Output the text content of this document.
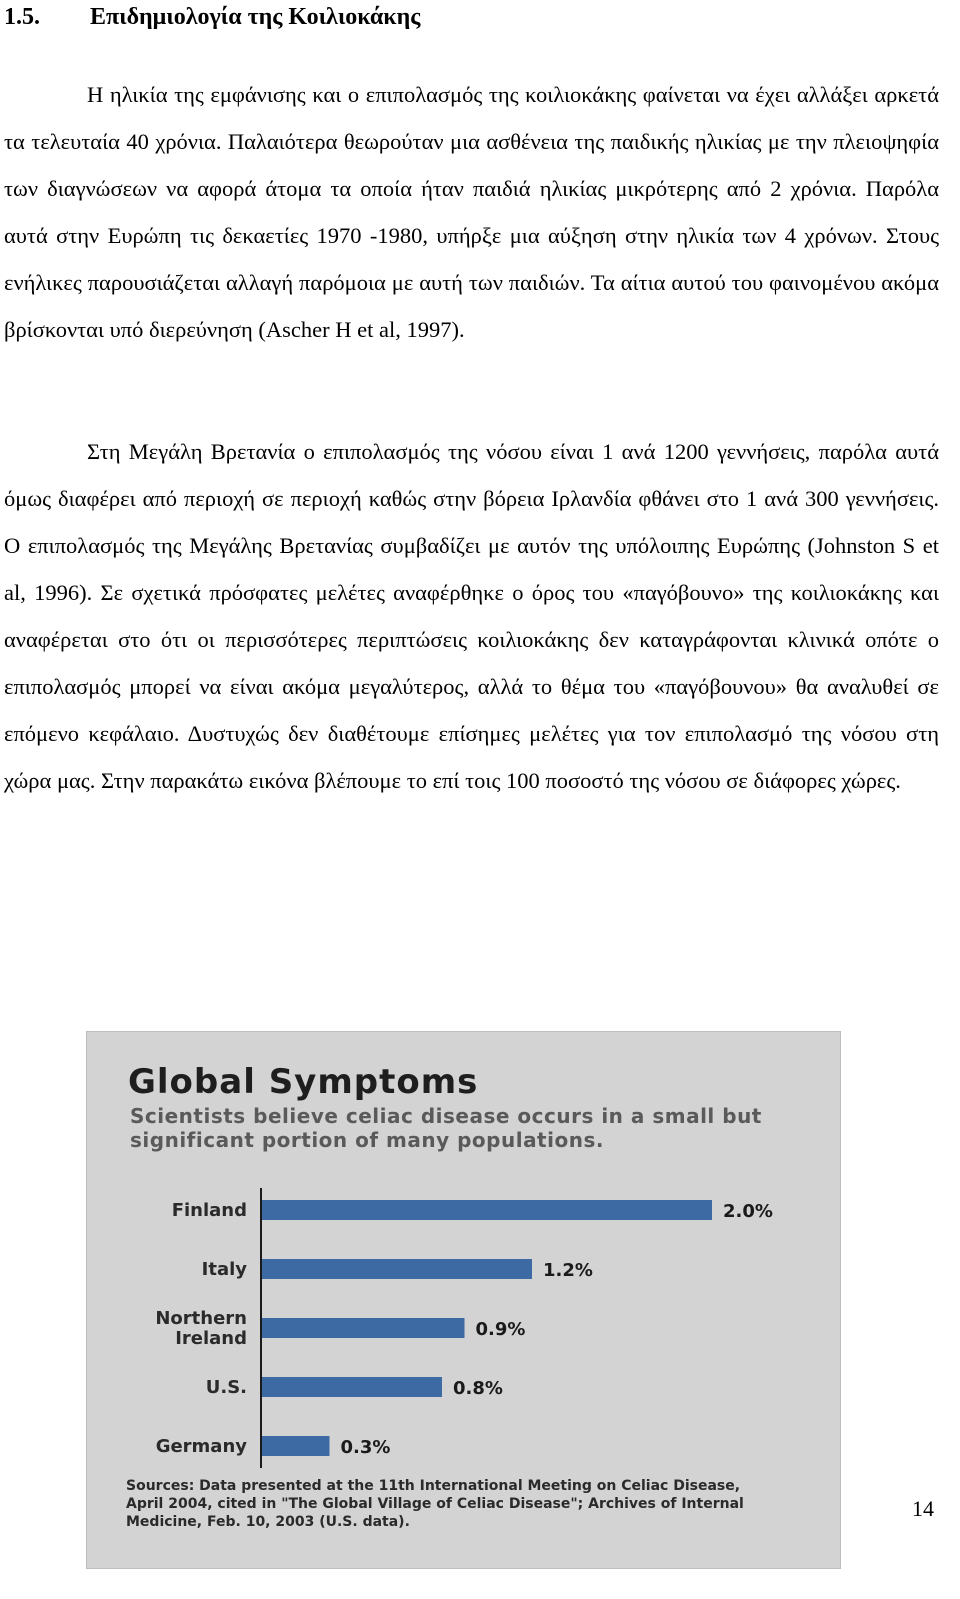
1.5. Επιδημιολογία της Κοιλιοκάκης

Η ηλικία της εμφάνισης και ο επιπολασμός της κοιλιοκάκης φαίνεται να έχει αλλάξει αρκετά τα τελευταία 40 χρόνια. Παλαιότερα θεωρούταν μια ασθένεια της παιδικής ηλικίας με την πλειοψηφία των διαγνώσεων να αφορά άτομα τα οποία ήταν παιδιά ηλικίας μικρότερης από 2 χρόνια. Παρόλα αυτά στην Ευρώπη τις δεκαετίες 1970 -1980, υπήρξε μια αύξηση στην ηλικία των 4 χρόνων. Στους ενήλικες παρουσιάζεται αλλαγή παρόμοια με αυτή των παιδιών. Τα αίτια αυτού του φαινομένου ακόμα βρίσκονται υπό διερεύνηση (Ascher H et al, 1997).

Στη Μεγάλη Βρετανία ο επιπολασμός της νόσου είναι 1 ανά 1200 γεννήσεις, παρόλα αυτά όμως διαφέρει από περιοχή σε περιοχή καθώς στην βόρεια Ιρλανδία φθάνει στο 1 ανά 300 γεννήσεις. Ο επιπολασμός της Μεγάλης Βρετανίας συμβαδίζει με αυτόν της υπόλοιπης Ευρώπης (Johnston S et al, 1996). Σε σχετικά πρόσφατες μελέτες αναφέρθηκε ο όρος του «παγόβουνο» της κοιλιοκάκης και αναφέρεται στο ότι οι περισσότερες περιπτώσεις κοιλιοκάκης δεν καταγράφονται κλινικά οπότε ο επιπολασμός μπορεί να είναι ακόμα μεγαλύτερος, αλλά το θέμα του «παγόβουνου» θα αναλυθεί σε επόμενο κεφάλαιο. Δυστυχώς δεν διαθέτουμε επίσημες μελέτες για τον επιπολασμό της νόσου στη χώρα μας. Στην παρακάτω εικόνα βλέπουμε το επί τοις 100 ποσοστό της νόσου σε διάφορες χώρες.

Global Symptoms

Scientists believe celiac disease occurs in a small but significant portion of many populations.

Finland	2.0%
Italy	1.2%
Northern
Ireland	0.9%
U.S.	0.8%
Germany	0.3%

Sources: Data presented at the 11th International Meeting on Celiac Disease, April 2004, cited in "The Global Village of Celiac Disease"; Archives of Internal Medicine, Feb. 10, 2003 (U.S. data).

14
